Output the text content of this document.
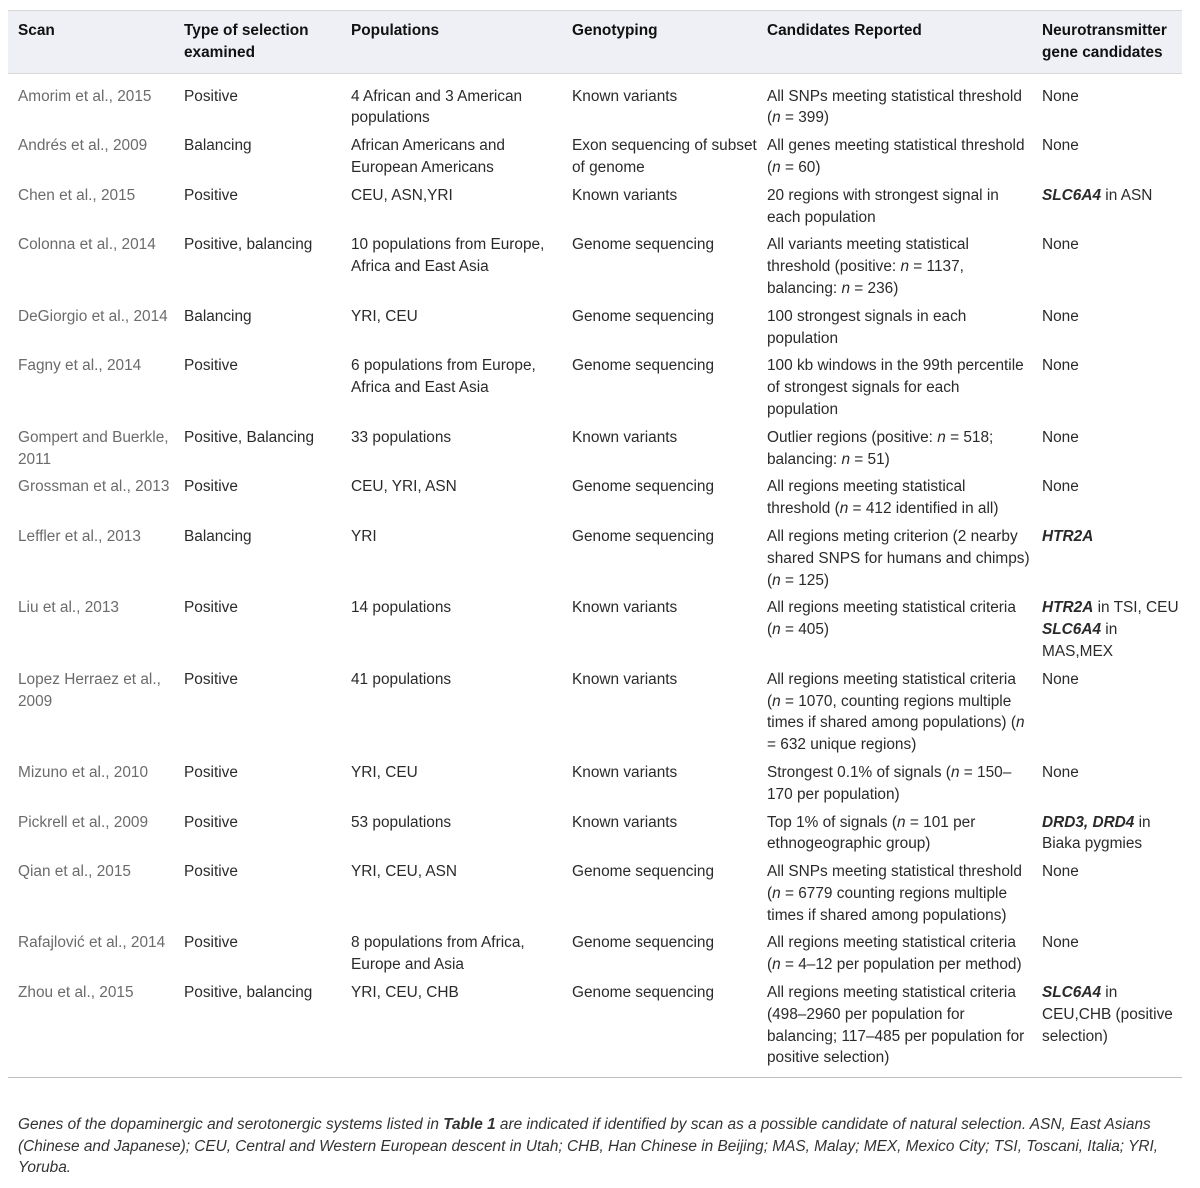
Scan	Type of selection examined	Populations	Genotyping	Candidates Reported	Neurotransmitter gene candidates
Amorim et al., 2015	Positive	4 African and 3 American populations	Known variants	All SNPs meeting statistical threshold (n = 399)	None
Andrés et al., 2009	Balancing	African Americans and European Americans	Exon sequencing of subset of genome	All genes meeting statistical threshold (n = 60)	None
Chen et al., 2015	Positive	CEU, ASN,YRI	Known variants	20 regions with strongest signal in each population	SLC6A4 in ASN
Colonna et al., 2014	Positive, balancing	10 populations from Europe, Africa and East Asia	Genome sequencing	All variants meeting statistical threshold (positive: n = 1137, balancing: n = 236)	None
DeGiorgio et al., 2014	Balancing	YRI, CEU	Genome sequencing	100 strongest signals in each population	None
Fagny et al., 2014	Positive	6 populations from Europe, Africa and East Asia	Genome sequencing	100 kb windows in the 99th percentile of strongest signals for each population	None
Gompert and Buerkle, 2011	Positive, Balancing	33 populations	Known variants	Outlier regions (positive: n = 518; balancing: n = 51)	None
Grossman et al., 2013	Positive	CEU, YRI, ASN	Genome sequencing	All regions meeting statistical threshold (n = 412 identified in all)	None
Leffler et al., 2013	Balancing	YRI	Genome sequencing	All regions meting criterion (2 nearby shared SNPS for humans and chimps) (n = 125)	HTR2A
Liu et al., 2013	Positive	14 populations	Known variants	All regions meeting statistical criteria (n = 405)	HTR2A in TSI, CEU SLC6A4 in MAS,MEX
Lopez Herraez et al., 2009	Positive	41 populations	Known variants	All regions meeting statistical criteria (n = 1070, counting regions multiple times if shared among populations) (n = 632 unique regions)	None
Mizuno et al., 2010	Positive	YRI, CEU	Known variants	Strongest 0.1% of signals (n = 150–170 per population)	None
Pickrell et al., 2009	Positive	53 populations	Known variants	Top 1% of signals (n = 101 per ethnogeographic group)	DRD3, DRD4 in Biaka pygmies
Qian et al., 2015	Positive	YRI, CEU, ASN	Genome sequencing	All SNPs meeting statistical threshold (n = 6779 counting regions multiple times if shared among populations)	None
Rafajlović et al., 2014	Positive	8 populations from Africa, Europe and Asia	Genome sequencing	All regions meeting statistical criteria (n = 4–12 per population per method)	None
Zhou et al., 2015	Positive, balancing	YRI, CEU, CHB	Genome sequencing	All regions meeting statistical criteria (498–2960 per population for balancing; 117–485 per population for positive selection)	SLC6A4 in CEU,CHB (positive selection)
Genes of the dopaminergic and serotonergic systems listed in Table 1 are indicated if identified by scan as a possible candidate of natural selection. ASN, East Asians (Chinese and Japanese); CEU, Central and Western European descent in Utah; CHB, Han Chinese in Beijing; MAS, Malay; MEX, Mexico City; TSI, Toscani, Italia; YRI, Yoruba.
